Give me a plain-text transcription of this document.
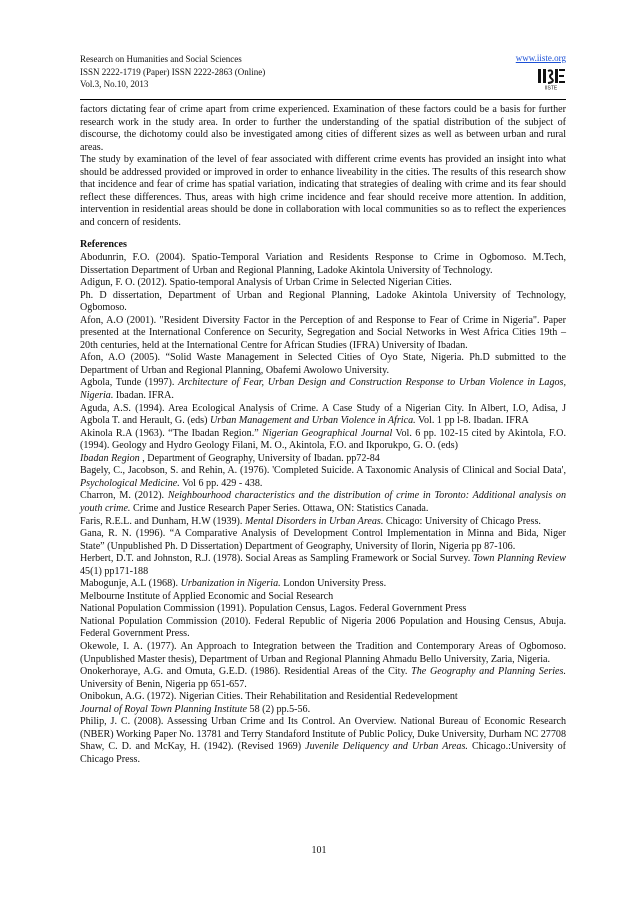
Research on Humanities and Social Sciences
ISSN 2222-1719 (Paper) ISSN 2222-2863 (Online)
Vol.3, No.10, 2013
www.iiste.org
IISTE

factors dictating fear of crime apart from crime experienced. Examination of these factors could be a basis for further research work in the study area. In order to further the understanding of the spatial distribution of the subject of discourse, the dichotomy could also be investigated among cities of different sizes as well as between urban and rural areas.

The study by examination of the level of fear associated with different crime events has provided an insight into what should be addressed provided or improved in order to enhance liveability in the cities. The results of this research show that incidence and fear of crime has spatial variation, indicating that strategies of dealing with crime and its fear should reflect these differences. Thus, areas with high crime incidence and fear should receive more attention. In addition, intervention in residential areas should be done in collaboration with local communities so as to reflect the experiences and concern of residents.

References

Abodunrin, F.O. (2004). Spatio-Temporal Variation and Residents Response to Crime in Ogbomoso. M.Tech, Dissertation Department of Urban and Regional Planning, Ladoke Akintola University of Technology.

Adigun, F. O. (2012). Spatio-temporal Analysis of Urban Crime in Selected Nigerian Cities.

Ph. D dissertation, Department of Urban and Regional Planning, Ladoke Akintola University of Technology, Ogbomoso.

Afon, A.O (2001). "Resident Diversity Factor in the Perception of and Response to Fear of Crime in Nigeria". Paper presented at the International Conference on Security, Segregation and Social Networks in West Africa Cities 19th – 20th centuries, held at the International Centre for African Studies (IFRA) University of Ibadan.

Afon, A.O (2005). “Solid Waste Management in Selected Cities of Oyo State, Nigeria. Ph.D submitted to the Department of Urban and Regional Planning, Obafemi Awolowo University.

Agbola, Tunde (1997). Architecture of Fear, Urban Design and Construction Response to Urban Violence in Lagos, Nigeria. Ibadan. IFRA.

Aguda, A.S. (1994). Area Ecological Analysis of Crime. A Case Study of a Nigerian City. In Albert, I.O, Adisa, J Agbola T. and Herault, G. (eds) Urban Management and Urban Violence in Africa. Vol. 1 pp l-8. Ibadan. IFRA

Akinola R.A (1963). “The Ibadan Region.” Nigerian Geographical Journal Vol. 6 pp. 102-15 cited by Akintola, F.O. (1994). Geology and Hydro Geology Filani, M. O., Akintola, F.O. and Ikporukpo, G. O. (eds)

Ibadan Region , Department of Geography, University of Ibadan. pp72-84

Bagely, C., Jacobson, S. and Rehin, A. (1976). 'Completed Suicide. A Taxonomic Analysis of Clinical and Social Data', Psychological Medicine. Vol 6 pp. 429 - 438.

Charron, M. (2012). Neighbourhood characteristics and the distribution of crime in Toronto: Additional analysis on youth crime. Crime and Justice Research Paper Series. Ottawa, ON: Statistics Canada.

Faris, R.E.L. and Dunham, H.W (1939). Mental Disorders in Urban Areas. Chicago: University of Chicago Press.

Gana, R. N. (1996). “A Comparative Analysis of Development Control Implementation in Minna and Bida, Niger State” (Unpublished Ph. D Dissertation) Department of Geography, University of Ilorin, Nigeria pp 87-106.

Herbert, D.T. and Johnston, R.J. (1978). Social Areas as Sampling Framework or Social Survey. Town Planning Review 45(1) pp171-188

Mabogunje, A.L (1968). Urbanization in Nigeria. London University Press.

Melbourne Institute of Applied Economic and Social Research

National Population Commission (1991). Population Census, Lagos. Federal Government Press

National Population Commission (2010). Federal Republic of Nigeria 2006 Population and Housing Census, Abuja. Federal Government Press.

Okewole, I. A. (1977). An Approach to Integration between the Tradition and Contemporary Areas of Ogbomoso. (Unpublished Master thesis), Department of Urban and Regional Planning Ahmadu Bello University, Zaria, Nigeria.

Onokerhoraye, A.G. and Omuta, G.E.D. (1986). Residential Areas of the City. The Geography and Planning Series. University of Benin, Nigeria pp 651-657.

Onibokun, A.G. (1972). Nigerian Cities. Their Rehabilitation and Residential Redevelopment

Journal of Royal Town Planning Institute 58 (2) pp.5-56.

Philip, J. C. (2008). Assessing Urban Crime and Its Control. An Overview. National Bureau of Economic Research (NBER) Working Paper No. 13781 and Terry Standaford Institute of Public Policy, Duke University, Durham NC 27708

Shaw, C. D. and McKay, H. (1942). (Revised 1969) Juvenile Deliquency and Urban Areas. Chicago.:University of Chicago Press.

101
